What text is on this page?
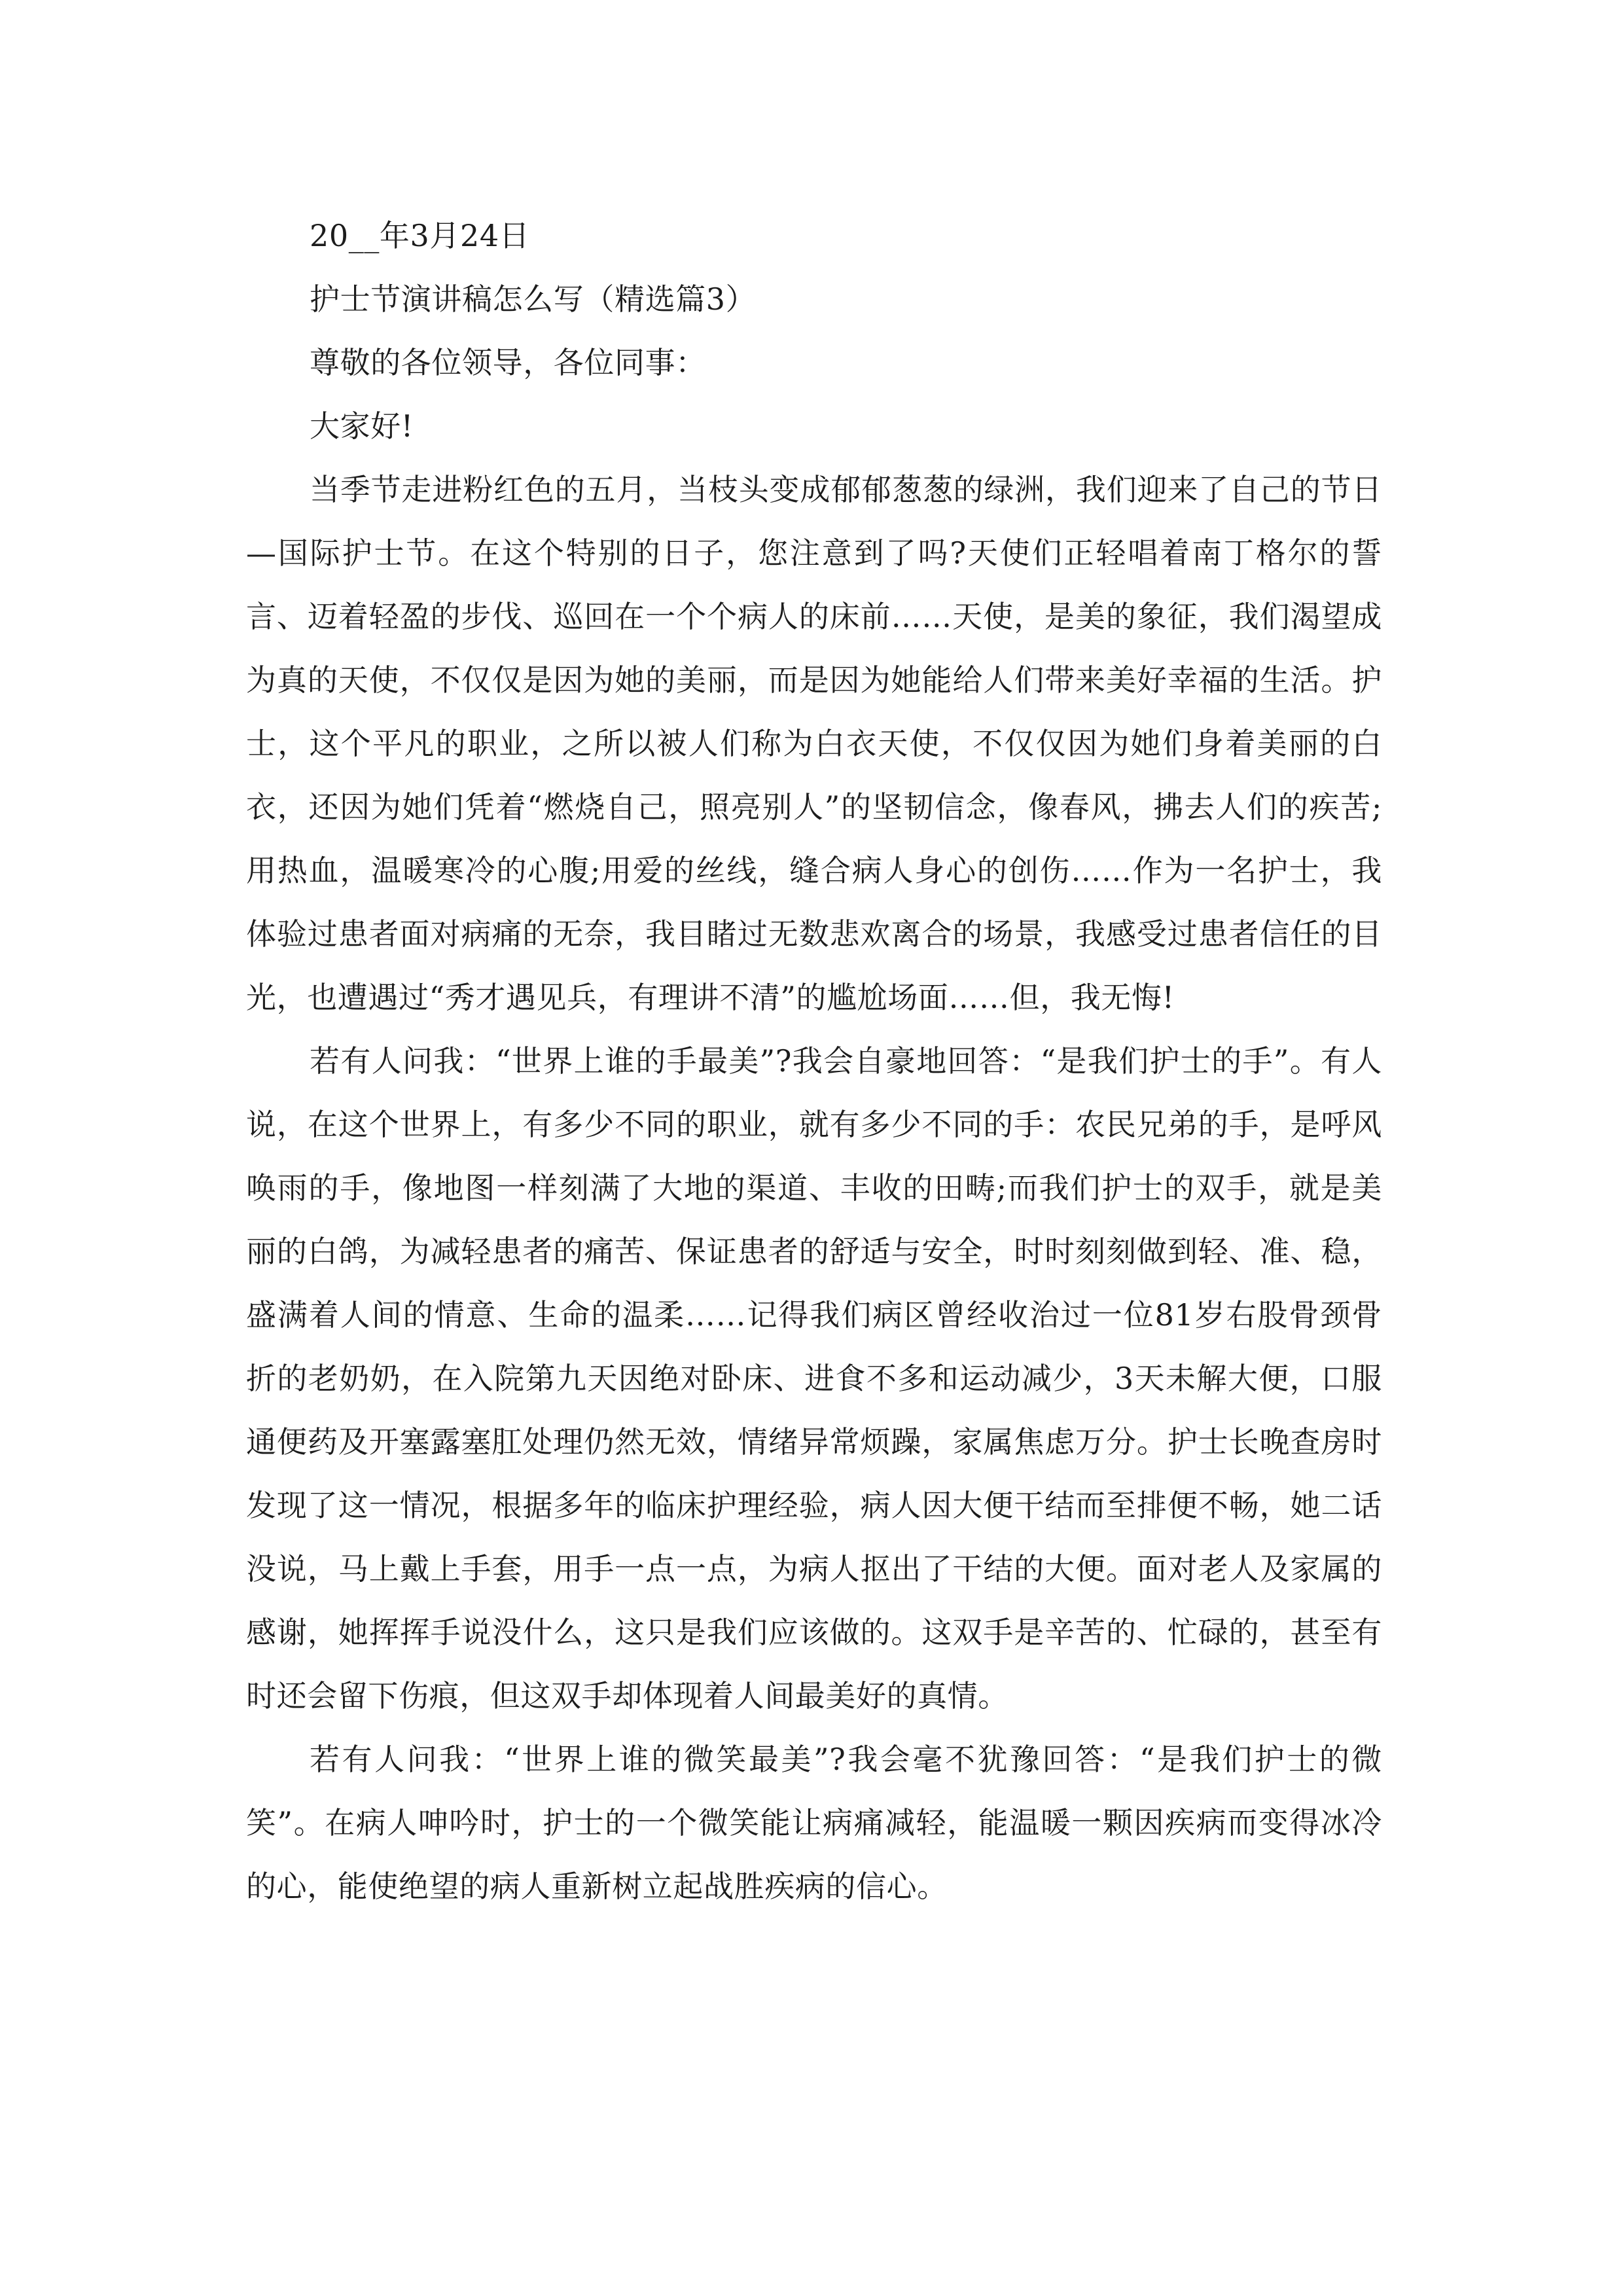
20__年3月24日

护士节演讲稿怎么写（精选篇3）

尊敬的各位领导，各位同事：

大家好!

当季节走进粉红色的五月，当枝头变成郁郁葱葱的绿洲，我们迎来了自己的节日—国际护士节。在这个特别的日子，您注意到了吗?天使们正轻唱着南丁格尔的誓言、迈着轻盈的步伐、巡回在一个个病人的床前……天使，是美的象征，我们渴望成为真的天使，不仅仅是因为她的美丽，而是因为她能给人们带来美好幸福的生活。护士，这个平凡的职业，之所以被人们称为白衣天使，不仅仅因为她们身着美丽的白衣，还因为她们凭着“燃烧自己，照亮别人”的坚韧信念，像春风，拂去人们的疾苦;用热血，温暖寒冷的心腹;用爱的丝线，缝合病人身心的创伤……作为一名护士，我体验过患者面对病痛的无奈，我目睹过无数悲欢离合的场景，我感受过患者信任的目光，也遭遇过“秀才遇见兵，有理讲不清”的尴尬场面……但，我无悔!

若有人问我：“世界上谁的手最美”?我会自豪地回答：“是我们护士的手”。有人说，在这个世界上，有多少不同的职业，就有多少不同的手：农民兄弟的手，是呼风唤雨的手，像地图一样刻满了大地的渠道、丰收的田畴;而我们护士的双手，就是美丽的白鸽，为减轻患者的痛苦、保证患者的舒适与安全，时时刻刻做到轻、准、稳，盛满着人间的情意、生命的温柔……记得我们病区曾经收治过一位81岁右股骨颈骨折的老奶奶，在入院第九天因绝对卧床、进食不多和运动减少，3天未解大便，口服通便药及开塞露塞肛处理仍然无效，情绪异常烦躁，家属焦虑万分。护士长晚查房时发现了这一情况，根据多年的临床护理经验，病人因大便干结而至排便不畅，她二话没说，马上戴上手套，用手一点一点，为病人抠出了干结的大便。面对老人及家属的感谢，她挥挥手说没什么，这只是我们应该做的。这双手是辛苦的、忙碌的，甚至有时还会留下伤痕，但这双手却体现着人间最美好的真情。

若有人问我：“世界上谁的微笑最美”?我会毫不犹豫回答：“是我们护士的微笑”。在病人呻吟时，护士的一个微笑能让病痛减轻，能温暖一颗因疾病而变得冰冷的心，能使绝望的病人重新树立起战胜疾病的信心。
